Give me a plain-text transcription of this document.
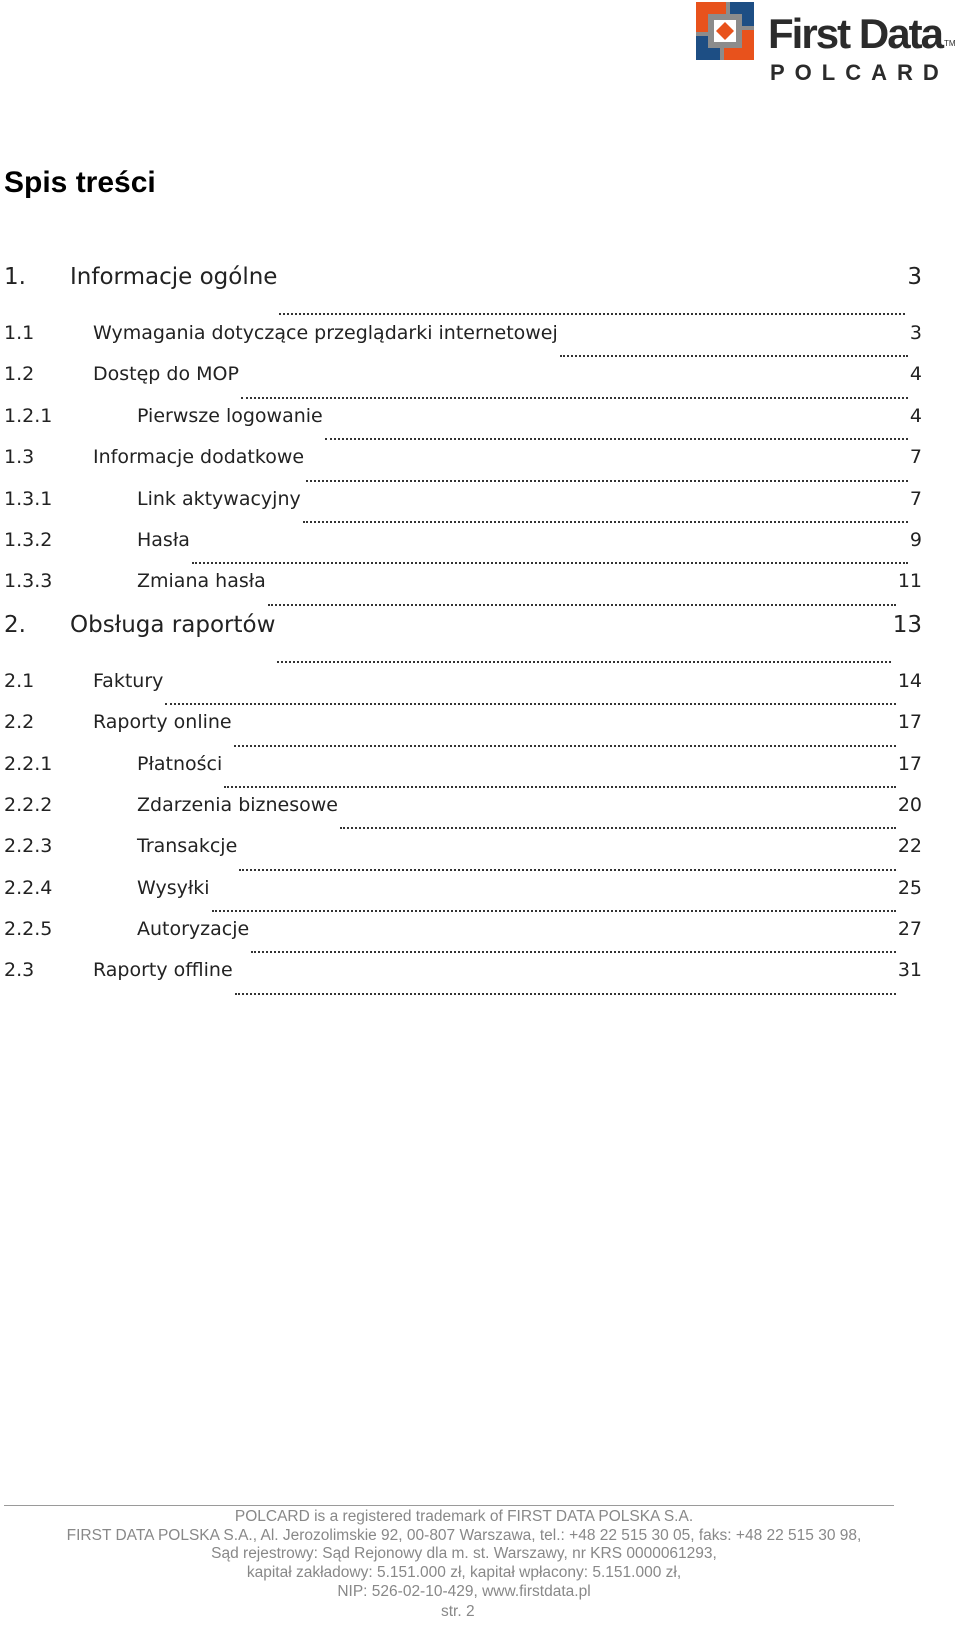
First Data TM
POLCARD
Spis treści
1.	Informacje ogólne	3
1.1	Wymagania dotyczące przeglądarki internetowej	3
1.2	Dostęp do MOP	4
1.2.1	Pierwsze logowanie	4
1.3	Informacje dodatkowe	7
1.3.1	Link aktywacyjny	7
1.3.2	Hasła	9
1.3.3	Zmiana hasła	11
2.	Obsługa raportów	13
2.1	Faktury	14
2.2	Raporty online	17
2.2.1	Płatności	17
2.2.2	Zdarzenia biznesowe	20
2.2.3	Transakcje	22
2.2.4	Wysyłki	25
2.2.5	Autoryzacje	27
2.3	Raporty offline	31
POLCARD is a registered trademark of FIRST DATA POLSKA S.A.
FIRST DATA POLSKA S.A., Al. Jerozolimskie 92, 00-807 Warszawa, tel.: +48 22 515 30 05, faks: +48 22 515 30 98,
Sąd rejestrowy: Sąd Rejonowy dla m. st. Warszawy, nr KRS 0000061293,
kapitał zakładowy: 5.151.000 zł, kapitał wpłacony: 5.151.000 zł,
NIP: 526-02-10-429, www.firstdata.pl
str. 2
